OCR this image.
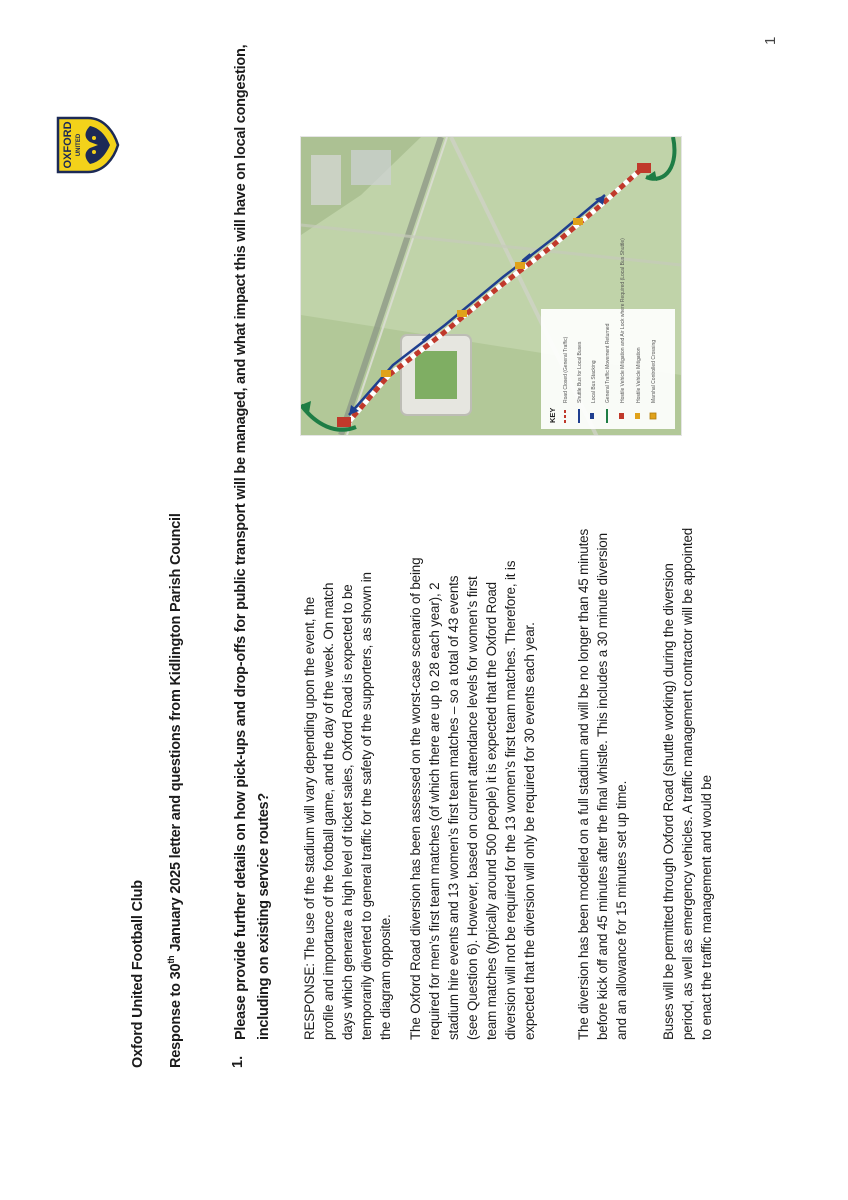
1
OXFORD UNITED
Oxford United Football Club Response to 30th January 2025 letter and questions from Kidlington Parish Council
1.
Please provide further details on how pick-ups and drop-offs for public transport will be managed, and what impact this will have on local congestion, including on existing service routes? RESPONSE: The use of the stadium will vary depending upon the event, the profile and importance of the football game, and the day of the week. On match days which generate a high level of ticket sales, Oxford Road is expected to be temporarily diverted to general traffic for the safety of the supporters, as shown in the diagram opposite. The Oxford Road diversion has been assessed on the worst-case scenario of being required for men’s first team matches (of which there are up to 28 each year), 2 stadium hire events and 13 women’s first team matches – so a total of 43 events (see Question 6). However, based on current attendance levels for women’s first team matches (typically around 500 people) it is expected that the Oxford Road diversion will not be required for the 13 women’s first team matches. Therefore, it is expected that the diversion will only be required for 30 events each year.	The diversion has been modelled on a full stadium and will be no longer than 45 minutes before kick off and 45 minutes after the final whistle. This includes a 30 minute diversion and an allowance for 15 minutes set up time. Buses will be permitted through Oxford Road (shuttle working) during the diversion period, as well as emergency vehicles. A traffic management contractor will be appointed to enact the traffic management and would be
KEY
Road Closed (General Traffic) Shuttle Bus for Local Buses Local Bus Stacking General Traffic Movement Returned Hostile Vehicle Mitigation and Air Lock where Required (Local Bus Shuttle) Hostile Vehicle Mitigation Marshal Controlled Crossing
